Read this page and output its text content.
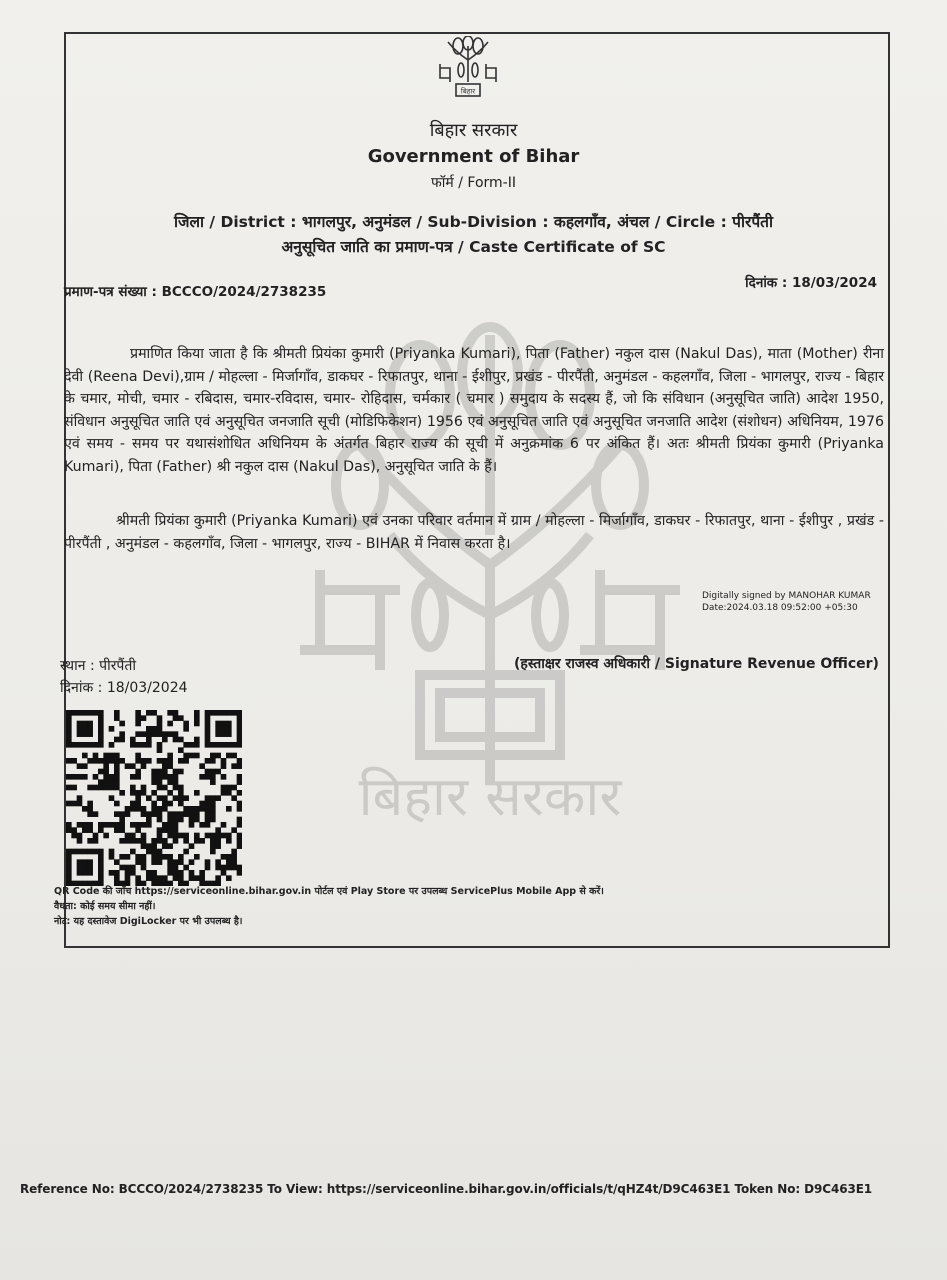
बिहार सरकार
बिहार
बिहार सरकार
Government of Bihar
फॉर्म / Form-II
जिला / District : भागलपुर, अनुमंडल / Sub-Division : कहलगाँव, अंचल / Circle : पीरपैंती
अनुसूचित जाति का प्रमाण-पत्र / Caste Certificate of SC
प्रमाण-पत्र संख्या : BCCCO/2024/2738235
दिनांक : 18/03/2024
प्रमाणित किया जाता है कि श्रीमती प्रियंका कुमारी (Priyanka Kumari), पिता (Father) नकुल दास (Nakul Das), माता (Mother) रीना देवी (Reena Devi),ग्राम / मोहल्ला - मिर्जागाँव, डाकघर - रिफातपुर, थाना - ईशीपुर, प्रखंड - पीरपैंती, अनुमंडल - कहलगाँव, जिला - भागलपुर, राज्य - बिहार के चमार, मोची, चमार - रबिदास, चमार-रविदास, चमार- रोहिदास, चर्मकार ( चमार ) समुदाय के सदस्य हैं, जो कि संविधान (अनुसूचित जाति) आदेश 1950, संविधान अनुसूचित जाति एवं अनुसूचित जनजाति सूची (मोडिफिकेशन) 1956 एवं अनुसूचित जाति एवं अनुसूचित जनजाति आदेश (संशोधन) अधिनियम, 1976 एवं समय - समय पर यथासंशोधित अधिनियम के अंतर्गत बिहार राज्य की सूची में अनुक्रमांक 6 पर अंकित हैं। अतः श्रीमती प्रियंका कुमारी (Priyanka Kumari), पिता (Father) श्री नकुल दास (Nakul Das), अनुसूचित जाति के हैं।
श्रीमती प्रियंका कुमारी (Priyanka Kumari) एवं उनका परिवार वर्तमान में ग्राम / मोहल्ला - मिर्जागाँव, डाकघर - रिफातपुर, थाना - ईशीपुर , प्रखंड - पीरपैंती , अनुमंडल - कहलगाँव, जिला - भागलपुर, राज्य - BIHAR में निवास करता है।
Digitally signed by MANOHAR KUMAR
Date:2024.03.18 09:52:00 +05:30
स्थान : पीरपैंती
दिनांक : 18/03/2024
(हस्ताक्षर राजस्व अधिकारी / Signature Revenue Officer)
QR Code की जाँच https://serviceonline.bihar.gov.in पोर्टल एवं Play Store पर उपलब्ध ServicePlus Mobile App से करें।
वैधता: कोई समय सीमा नहीं।
नोट: यह दस्तावेज DigiLocker पर भी उपलब्ध है।
Reference No: BCCCO/2024/2738235 To View: https://serviceonline.bihar.gov.in/officials/t/qHZ4t/D9C463E1 Token No: D9C463E1
